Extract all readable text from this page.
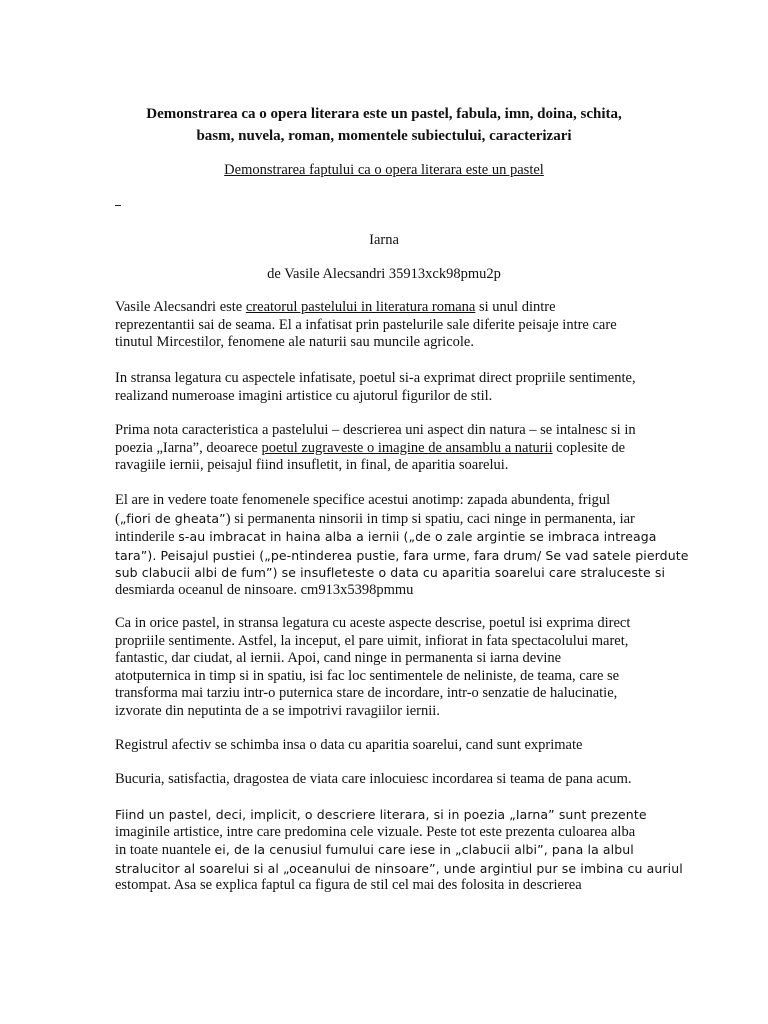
Demonstrarea ca o opera literara este un pastel, fabula, imn, doina, schita,
basm, nuvela, roman, momentele subiectului, caracterizari

Demonstrarea faptului ca o opera literara este un pastel

Iarna

de Vasile Alecsandri 35913xck98pmu2p

Vasile Alecsandri este creatorul pastelului in literatura romana si unul dintre
reprezentantii sai de seama. El a infatisat prin pastelurile sale diferite peisaje intre care
tinutul Mircestilor, fenomene ale naturii sau muncile agricole.

In stransa legatura cu aspectele infatisate, poetul si-a exprimat direct propriile sentimente,
realizand numeroase imagini artistice cu ajutorul figurilor de stil.

Prima nota caracteristica a pastelului – descrierea uni aspect din natura – se intalnesc si in
poezia „Iarna”, deoarece poetul zugraveste o imagine de ansamblu a naturii coplesite de
ravagiile iernii, peisajul fiind insufletit, in final, de aparitia soarelui.

El are in vedere toate fenomenele specifice acestui anotimp: zapada abundenta, frigul
(„fiori de gheata”) si permanenta ninsorii in timp si spatiu, caci ninge in permanenta, iar
intinderile s-au imbracat in haina alba a iernii („de o zale argintie se imbraca intreaga
tara”). Peisajul pustiei („pe-ntinderea pustie, fara urme, fara drum/ Se vad satele pierdute
sub clabucii albi de fum”) se insufleteste o data cu aparitia soarelui care straluceste si
desmiarda oceanul de ninsoare. cm913x5398pmmu

Ca in orice pastel, in stransa legatura cu aceste aspecte descrise, poetul isi exprima direct
propriile sentimente. Astfel, la inceput, el pare uimit, infiorat in fata spectacolului maret,
fantastic, dar ciudat, al iernii. Apoi, cand ninge in permanenta si iarna devine
atotputernica in timp si in spatiu, isi fac loc sentimentele de neliniste, de teama, care se
transforma mai tarziu intr-o puternica stare de incordare, intr-o senzatie de halucinatie,
izvorate din neputinta de a se impotrivi ravagiilor iernii.

Registrul afectiv se schimba insa o data cu aparitia soarelui, cand sunt exprimate

Bucuria, satisfactia, dragostea de viata care inlocuiesc incordarea si teama de pana acum.

Fiind un pastel, deci, implicit, o descriere literara, si in poezia „Iarna” sunt prezente
imaginile artistice, intre care predomina cele vizuale. Peste tot este prezenta culoarea alba
in toate nuantele ei, de la cenusiul fumului care iese in „clabucii albi”, pana la albul
stralucitor al soarelui si al „oceanului de ninsoare”, unde argintiul pur se imbina cu auriul
estompat. Asa se explica faptul ca figura de stil cel mai des folosita in descrierea
